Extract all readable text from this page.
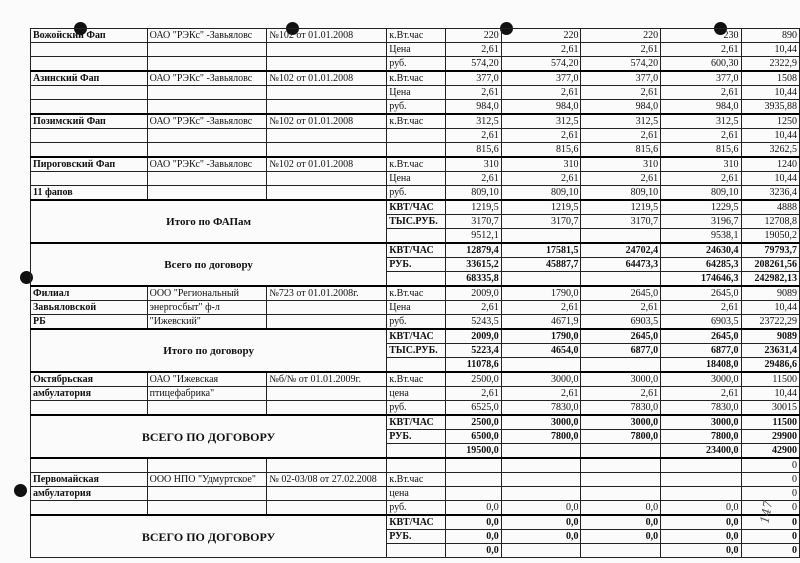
Вожойский Фап	ОАО "РЭКс" -Завьяловс	№102 от 01.01.2008	к.Вт.час	220	220	220	230	890
			Цена	2,61	2,61	2,61	2,61	10,44
			руб.	574,20	574,20	574,20	600,30	2322,9
Азинский Фап	ОАО "РЭКс" -Завьяловс	№102 от 01.01.2008	к.Вт.час	377,0	377,0	377,0	377,0	1508
			Цена	2,61	2,61	2,61	2,61	10,44
			руб.	984,0	984,0	984,0	984,0	3935,88
Позимский Фап	ОАО "РЭКс" -Завьяловс	№102 от 01.01.2008	к.Вт.час	312,5	312,5	312,5	312,5	1250
				2,61	2,61	2,61	2,61	10,44
				815,6	815,6	815,6	815,6	3262,5
Пироговский Фап	ОАО "РЭКс" -Завьяловс	№102 от 01.01.2008	к.Вт.час	310	310	310	310	1240
			Цена	2,61	2,61	2,61	2,61	10,44
11 фапов			руб.	809,10	809,10	809,10	809,10	3236,4
Итого по ФАПам			КВТ/ЧАС	1219,5	1219,5	1219,5	1229,5	4888
			ТЫС.РУБ.	3170,7	3170,7	3170,7	3196,7	12708,8
				9512,1			9538,1	19050,2
Всего по договору			КВТ/ЧАС	12879,4	17581,5	24702,4	24630,4	79793,7
			РУБ.	33615,2	45887,7	64473,3	64285,3	208261,56
				68335,8			174646,3	242982,13
Филиал	ООО "Региональный	№723 от 01.01.2008г.	к.Вт.час	2009,0	1790,0	2645,0	2645,0	9089
Завьяловской	энергосбыт" ф-л		Цена	2,61	2,61	2,61	2,61	10,44
РБ	"Ижевский"		руб.	5243,5	4671,9	6903,5	6903,5	23722,29
Итого по договору			КВТ/ЧАС	2009,0	1790,0	2645,0	2645,0	9089
			ТЫС.РУБ.	5223,4	4654,0	6877,0	6877,0	23631,4
				11078,6			18408,0	29486,6
Октябрьская	ОАО "Ижевская	№б/№ от 01.01.2009г.	к.Вт.час	2500,0	3000,0	3000,0	3000,0	11500
амбулатория	птицефабрика"		цена	2,61	2,61	2,61	2,61	10,44
			руб.	6525,0	7830,0	7830,0	7830,0	30015
ВСЕГО ПО ДОГОВОРУ			КВТ/ЧАС	2500,0	3000,0	3000,0	3000,0	11500
			РУБ.	6500,0	7800,0	7800,0	7800,0	29900
				19500,0			23400,0	42900
								0
Первомайская	ООО НПО "Удмуртское"	№ 02-03/08 от 27.02.2008	к.Вт.час					0
амбулатория			цена					0
			руб.	0,0	0,0	0,0	0,0	0
ВСЕГО ПО ДОГОВОРУ			КВТ/ЧАС	0,0	0,0	0,0	0,0	0
			РУБ.	0,0	0,0	0,0	0,0	0
				0,0			0,0	0
147
